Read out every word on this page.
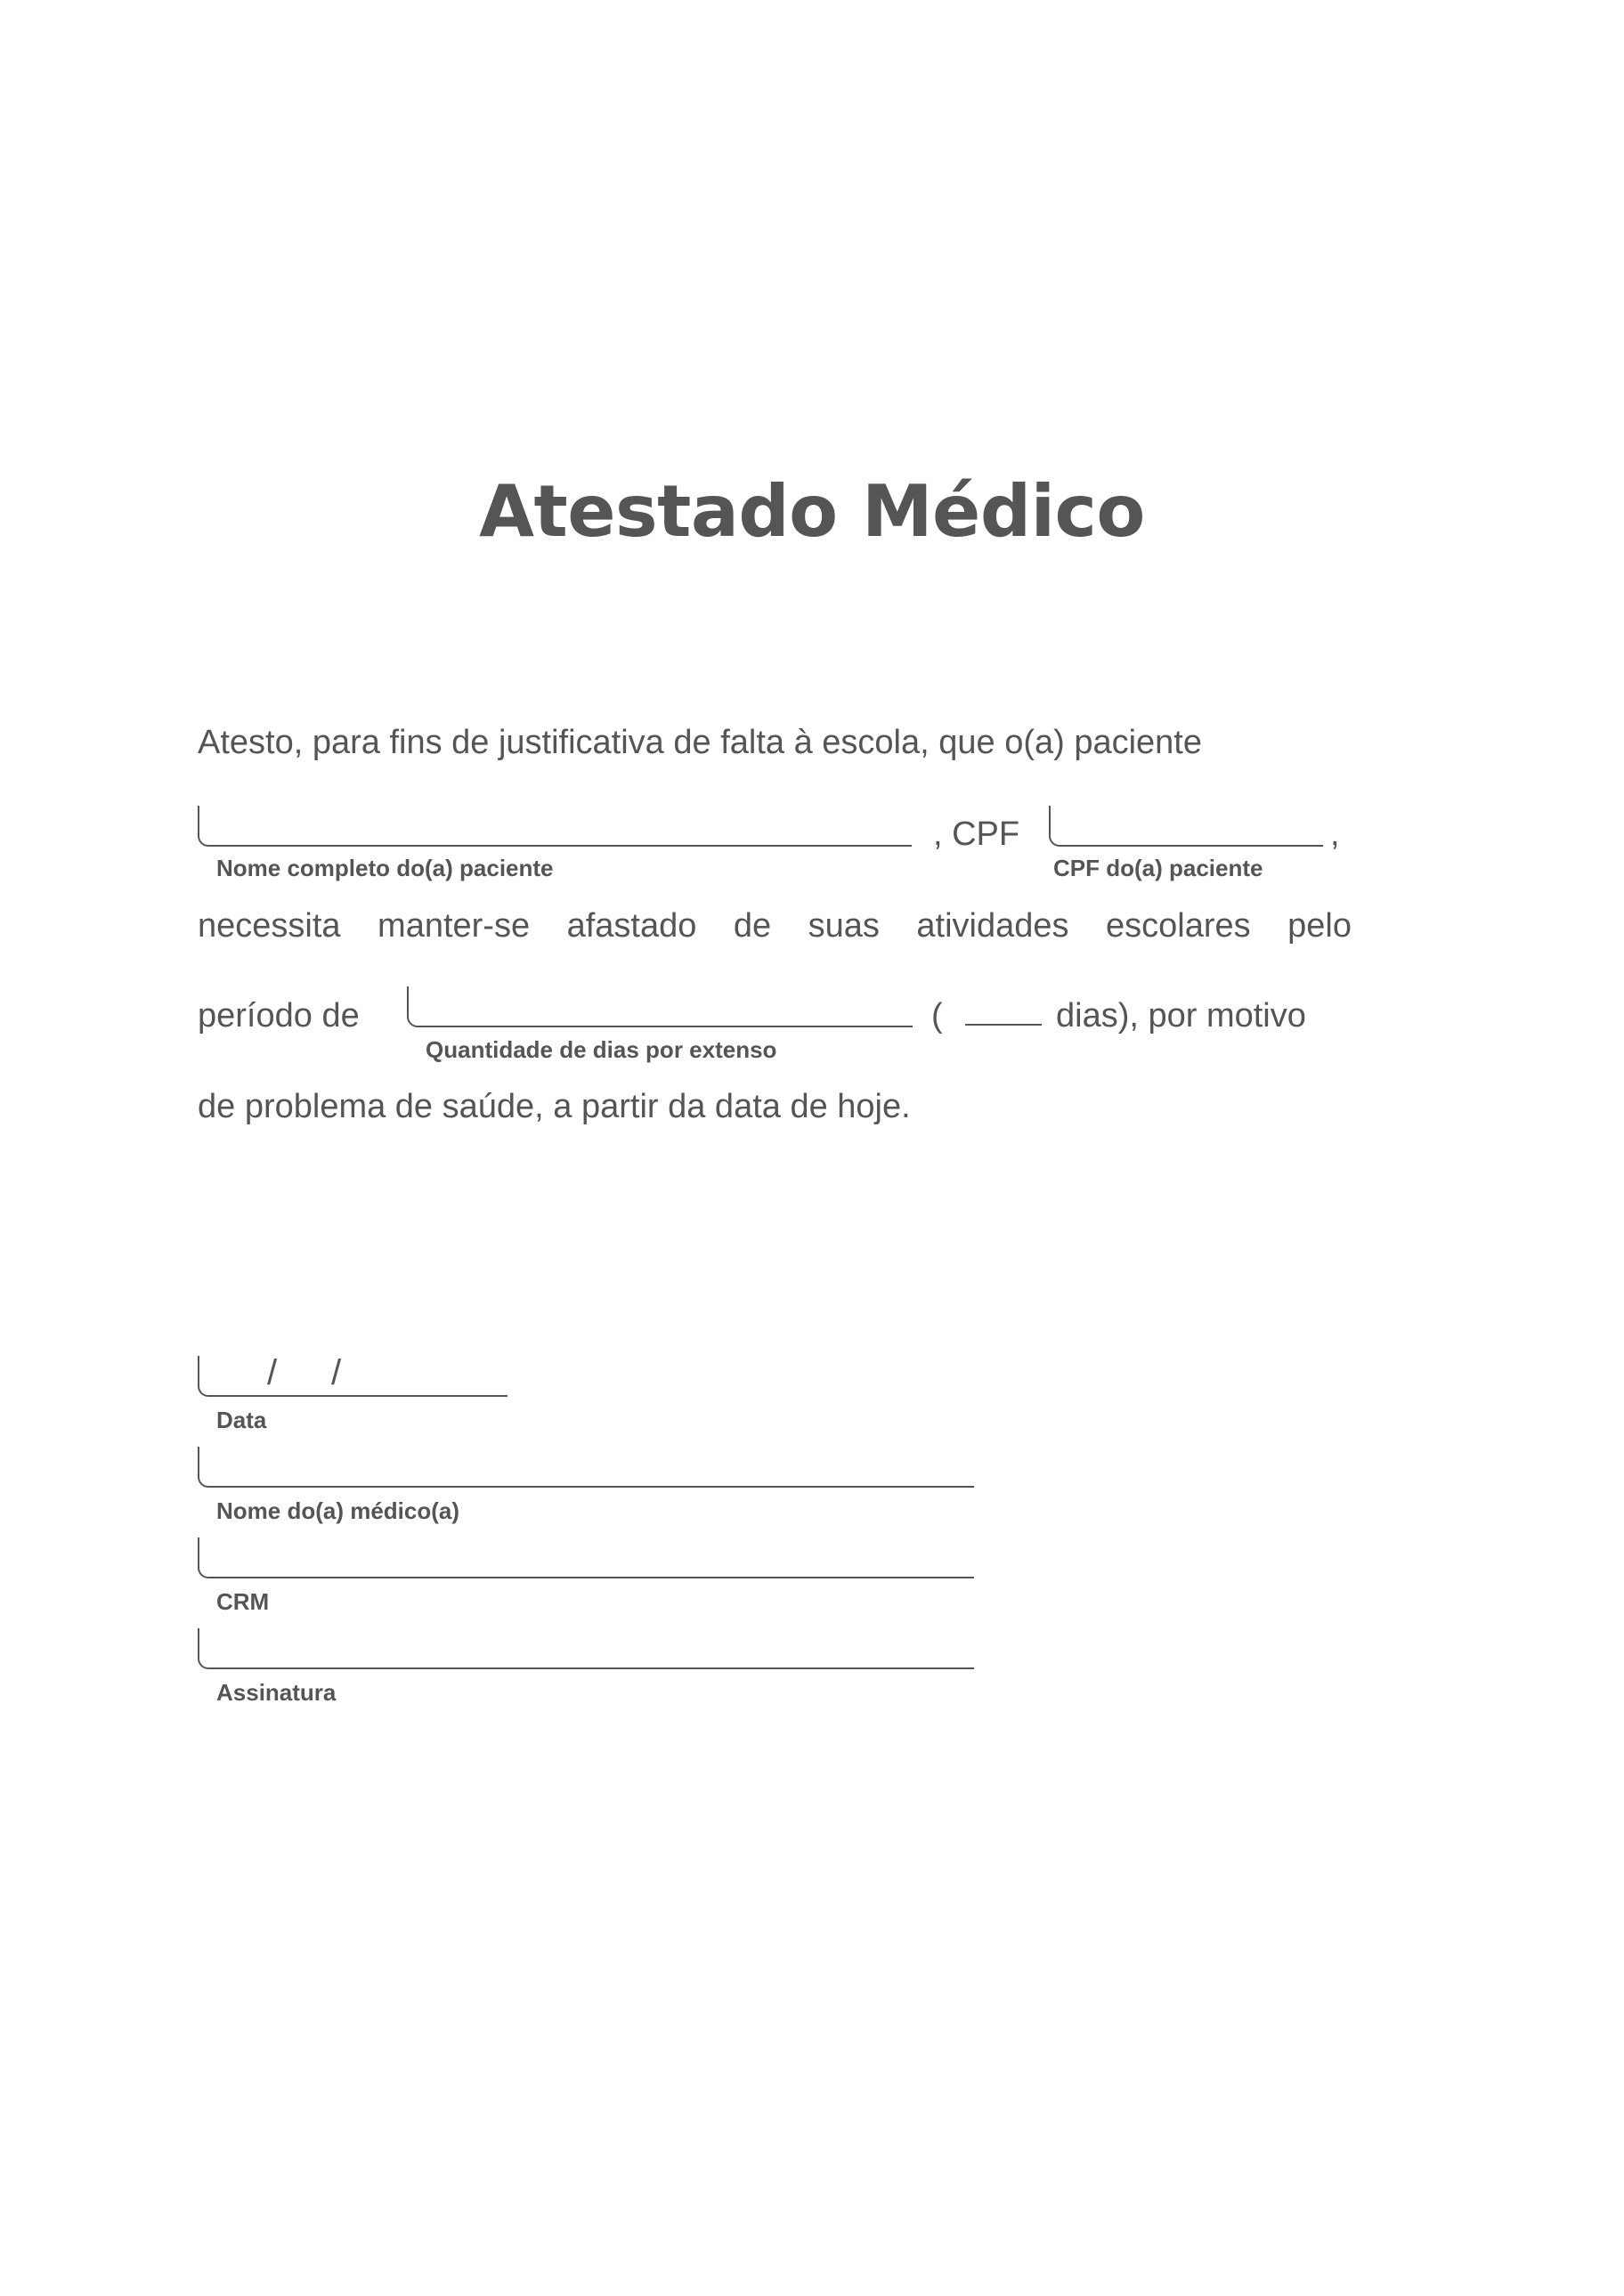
Atestado Médico
Atesto, para fins de justificativa de falta à escola, que o(a) paciente
Nome completo do(a) paciente
, CPF
CPF do(a) paciente
,
necessita manter-se afastado de suas atividades escolares pelo
período de
Quantidade de dias por extenso
(	dias), por motivo
de problema de saúde, a partir da data de hoje.
/ /
Data
Nome do(a) médico(a)
CRM
Assinatura
